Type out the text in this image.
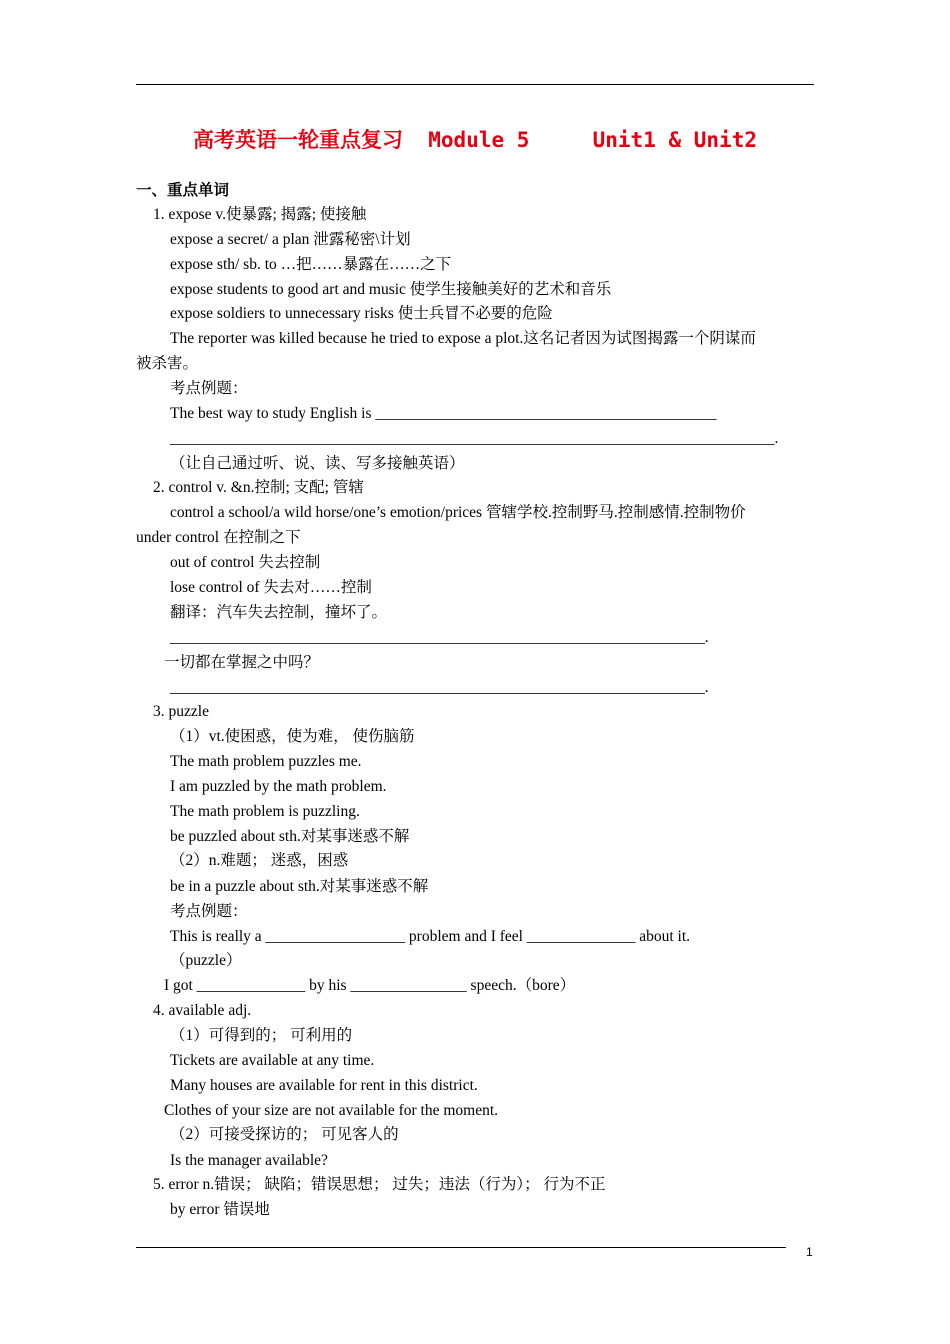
高考英语一轮重点复习  Module 5     Unit1 & Unit2
一、重点单词
1. expose v.使暴露; 揭露; 使接触
expose a secret/ a plan 泄露秘密\计划
expose sth/ sb. to …把……暴露在……之下
expose students to good art and music 使学生接触美好的艺术和音乐
expose soldiers to unnecessary risks 使士兵冒不必要的危险
The reporter was killed because he tried to expose a plot.这名记者因为试图揭露一个阴谋而
被杀害。
考点例题：
The best way to study English is ____________________________________________
______________________________________________________________________________.
（让自己通过听、说、读、写多接触英语）
2. control v. &n.控制; 支配; 管辖
control a school/a wild horse/one’s emotion/prices 管辖学校.控制野马.控制感情.控制物价
under control 在控制之下
out of control 失去控制
lose control of 失去对……控制
翻译：汽车失去控制，撞坏了。
_____________________________________________________________________.
一切都在掌握之中吗？
_____________________________________________________________________.
3. puzzle
（1）vt.使困惑，使为难， 使伤脑筋
The math problem puzzles me.
I am puzzled by the math problem.
The math problem is puzzling.
be puzzled about sth.对某事迷惑不解
（2）n.难题； 迷惑，困惑
be in a puzzle about sth.对某事迷惑不解
考点例题：
This is really a __________________ problem and I feel ______________ about it.
（puzzle）
I got ______________ by his _______________ speech.（bore）
4. available adj.
（1）可得到的； 可利用的
Tickets are available at any time.
Many houses are available for rent in this district.
Clothes of your size are not available for the moment.
（2）可接受探访的； 可见客人的
Is the manager available?
5. error n.错误； 缺陷；错误思想； 过失；违法（行为）； 行为不正
by error 错误地
1
